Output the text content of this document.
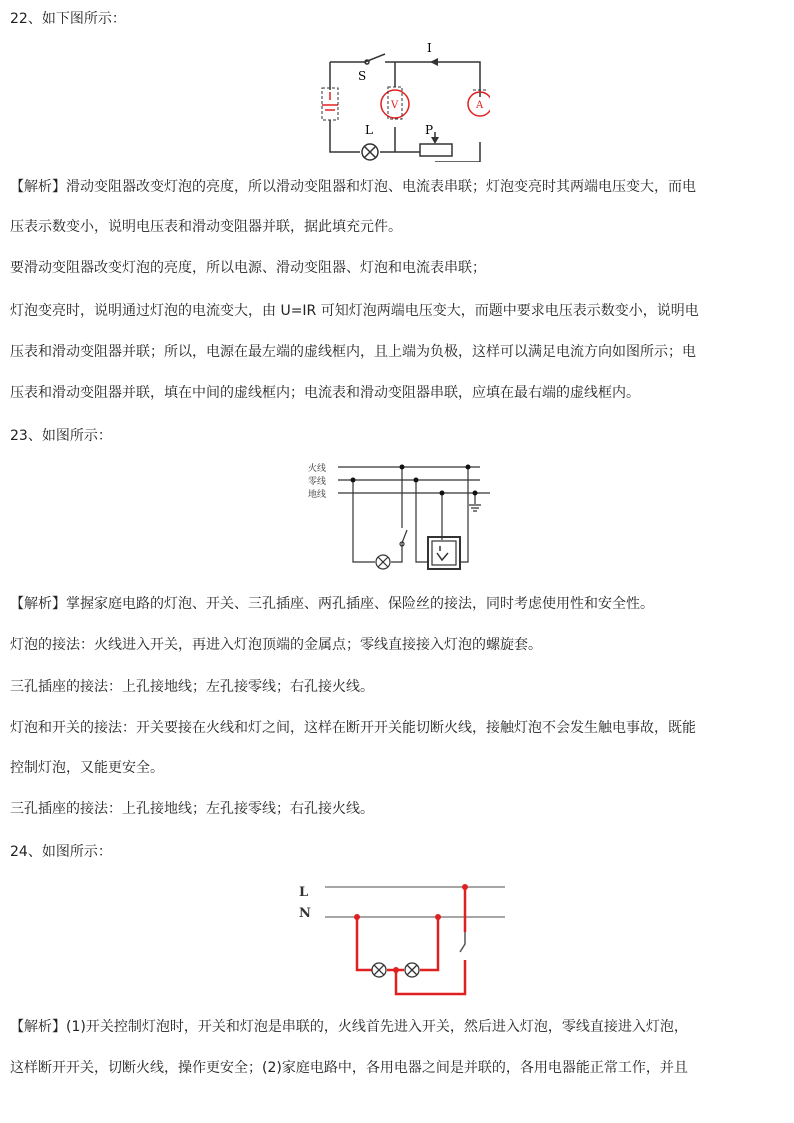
22、如下图所示：
S
I
L	P
V	A
【解析】滑动变阻器改变灯泡的亮度，所以滑动变阻器和灯泡、电流表串联；灯泡变亮时其两端电压变大，而电
压表示数变小，说明电压表和滑动变阻器并联，据此填充元件。
要滑动变阻器改变灯泡的亮度，所以电源、滑动变阻器、灯泡和电流表串联；
灯泡变亮时，说明通过灯泡的电流变大，由 U=IR 可知灯泡两端电压变大，而题中要求电压表示数变小，说明电
压表和滑动变阻器并联；所以，电源在最左端的虚线框内，且上端为负极，这样可以满足电流方向如图所示；电
压表和滑动变阻器并联，填在中间的虚线框内；电流表和滑动变阻器串联，应填在最右端的虚线框内。
23、如图所示：
火线
零线
地线
【解析】掌握家庭电路的灯泡、开关、三孔插座、两孔插座、保险丝的接法，同时考虑使用性和安全性。
灯泡的接法：火线进入开关，再进入灯泡顶端的金属点；零线直接接入灯泡的螺旋套。
三孔插座的接法：上孔接地线；左孔接零线；右孔接火线。
灯泡和开关的接法：开关要接在火线和灯之间，这样在断开开关能切断火线，接触灯泡不会发生触电事故，既能
控制灯泡，又能更安全。
三孔插座的接法：上孔接地线；左孔接零线；右孔接火线。
24、如图所示：
L
N
【解析】(1)开关控制灯泡时，开关和灯泡是串联的，火线首先进入开关，然后进入灯泡，零线直接进入灯泡，
这样断开开关，切断火线，操作更安全；(2)家庭电路中，各用电器之间是并联的，各用电器能正常工作，并且
